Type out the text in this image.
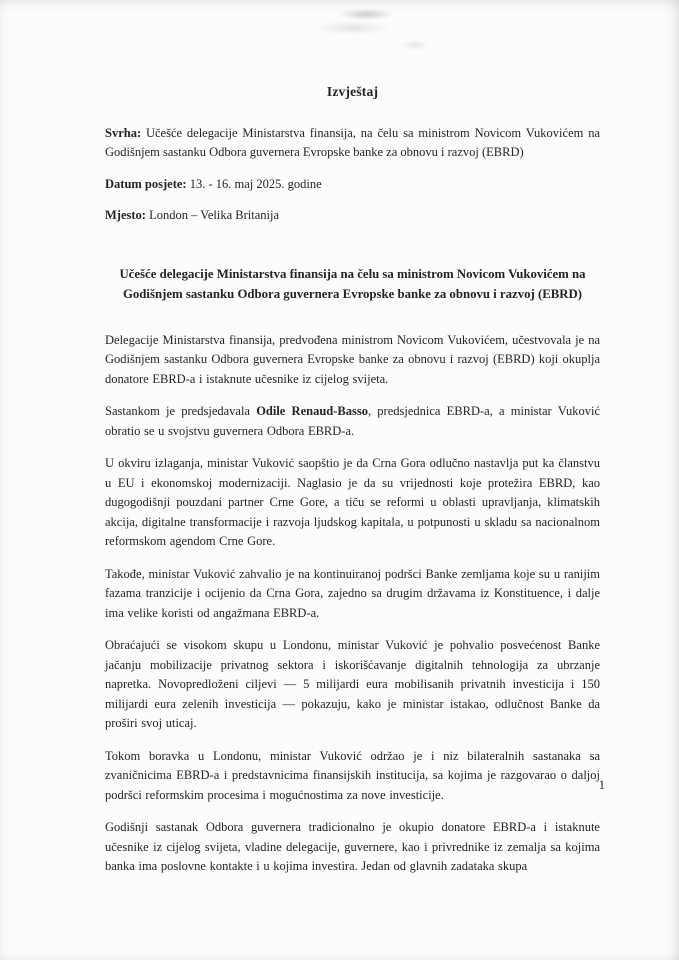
Izvještaj

Svrha: Učešće delegacije Ministarstva finansija, na čelu sa ministrom Novicom Vukovićem na Godišnjem sastanku Odbora guvernera Evropske banke za obnovu i razvoj (EBRD)

Datum posjete: 13. - 16. maj 2025. godine

Mjesto: London – Velika Britanija

Učešće delegacije Ministarstva finansija na čelu sa ministrom Novicom Vukovićem na Godišnjem sastanku Odbora guvernera Evropske banke za obnovu i razvoj (EBRD)

Delegacije Ministarstva finansija, predvođena ministrom Novicom Vukovićem, učestvovala je na Godišnjem sastanku Odbora guvernera Evropske banke za obnovu i razvoj (EBRD) koji okuplja donatore EBRD-a i istaknute učesnike iz cijelog svijeta.

Sastankom je predsjedavala Odile Renaud-Basso, predsjednica EBRD-a, a ministar Vuković obratio se u svojstvu guvernera Odbora EBRD-a.

U okviru izlaganja, ministar Vuković saopštio je da Crna Gora odlučno nastavlja put ka članstvu u EU i ekonomskoj modernizaciji. Naglasio je da su vrijednosti koje protežira EBRD, kao dugogodišnji pouzdani partner Crne Gore, a tiču se reformi u oblasti upravljanja, klimatskih akcija, digitalne transformacije i razvoja ljudskog kapitala, u potpunosti u skladu sa nacionalnom reformskom agendom Crne Gore.

Takođe, ministar Vuković zahvalio je na kontinuiranoj podršci Banke zemljama koje su u ranijim fazama tranzicije i ocijenio da Crna Gora, zajedno sa drugim državama iz Konstituence, i dalje ima velike koristi od angažmana EBRD-a.

Obraćajući se visokom skupu u Londonu, ministar Vuković je pohvalio posvećenost Banke jačanju mobilizacije privatnog sektora i iskorišćavanje digitalnih tehnologija za ubrzanje napretka. Novopredloženi ciljevi — 5 milijardi eura mobilisanih privatnih investicija i 150 milijardi eura zelenih investicija — pokazuju, kako je ministar istakao, odlučnost Banke da proširi svoj uticaj.

Tokom boravka u Londonu, ministar Vuković održao je i niz bilateralnih sastanaka sa zvaničnicima EBRD-a i predstavnicima finansijskih institucija, sa kojima je razgovarao o daljoj podršci reformskim procesima i mogućnostima za nove investicije.

Godišnji sastanak Odbora guvernera tradicionalno je okupio donatore EBRD-a i istaknute učesnike iz cijelog svijeta, vladine delegacije, guvernere, kao i privrednike iz zemalja sa kojima banka ima poslovne kontakte i u kojima investira. Jedan od glavnih zadataka skupa

1
